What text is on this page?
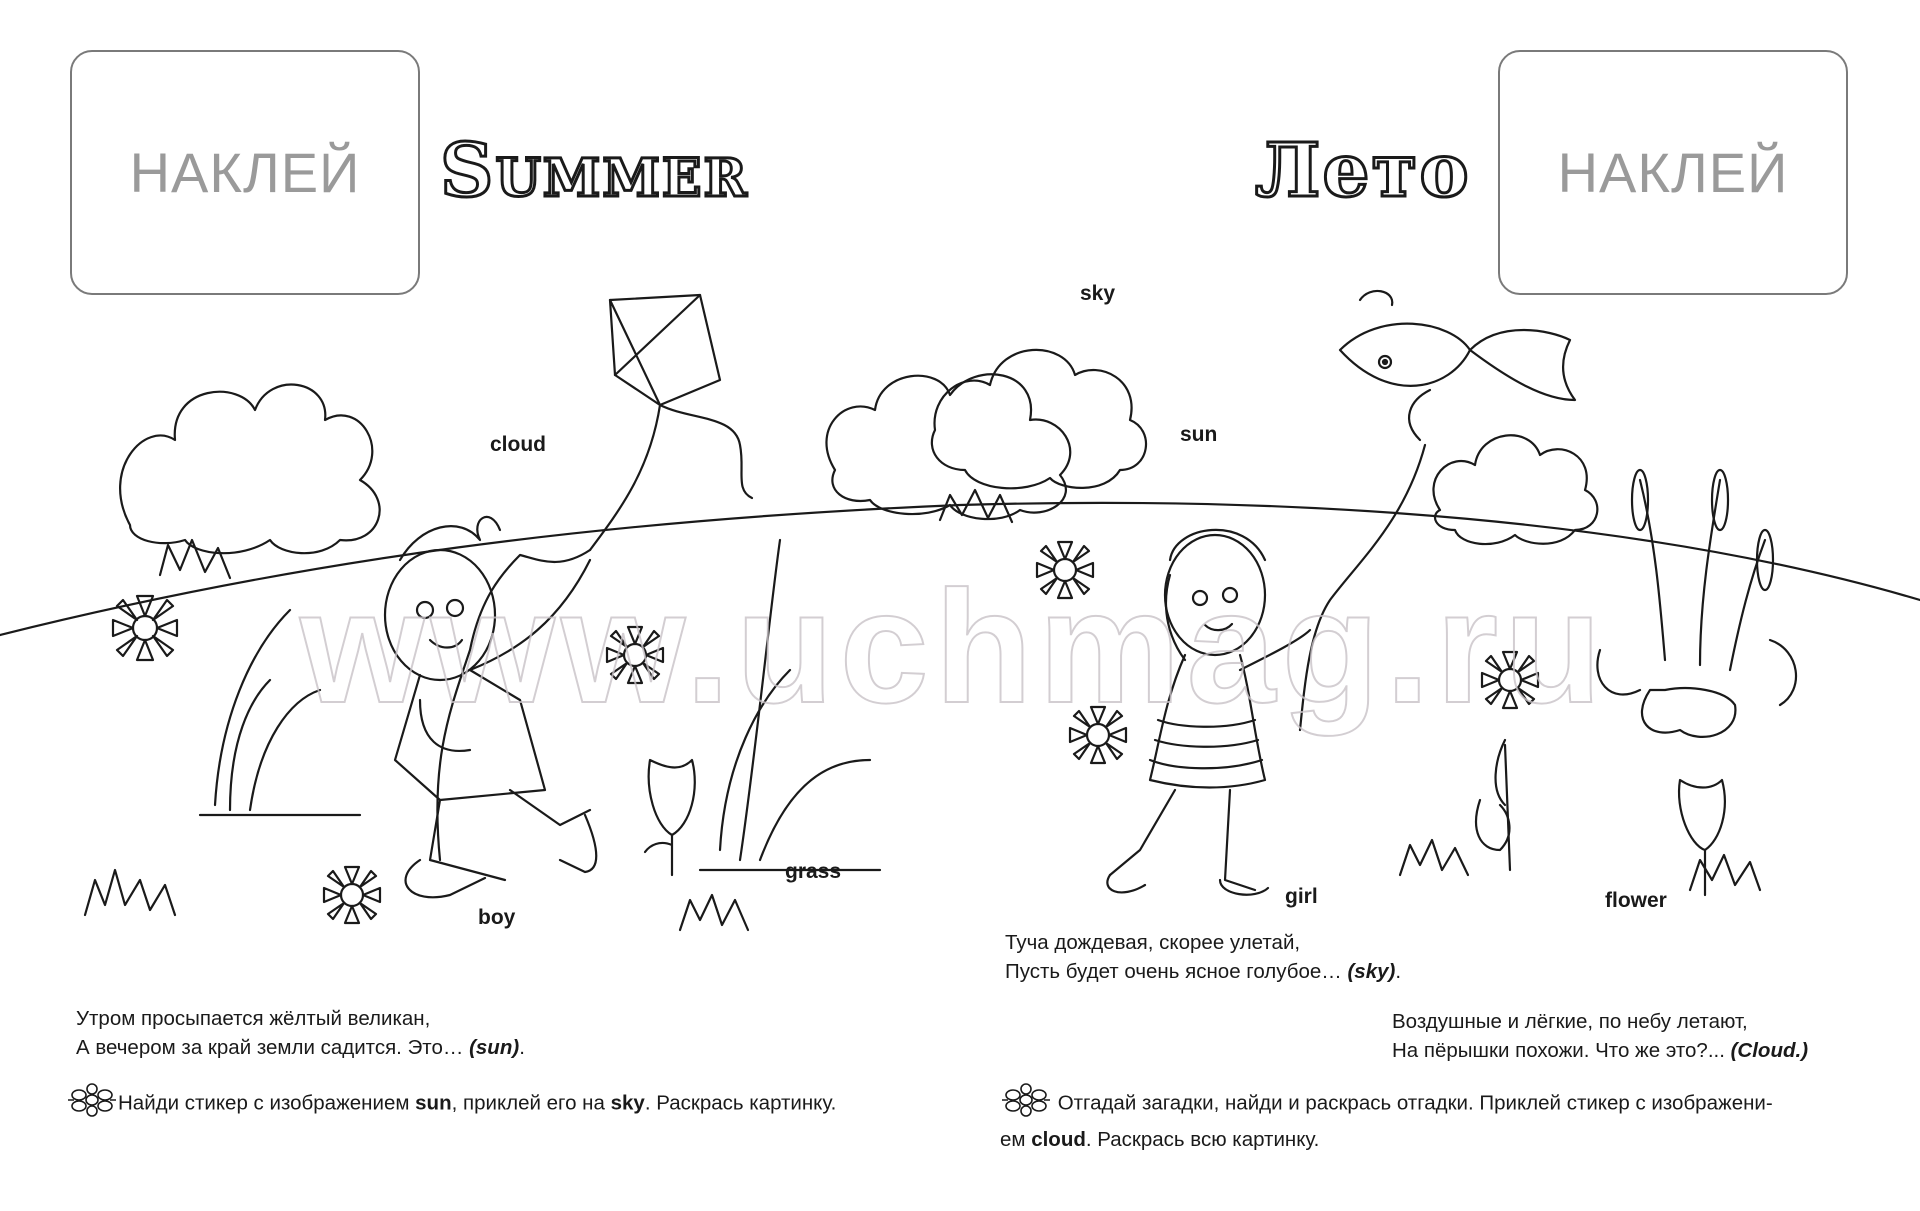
www.uchmag.ru
НАКЛЕЙ	НАКЛЕЙ
Summer	Лето
sky
cloud	sun
grass
boy
girl	flower
Утром просыпается жёлтый великан,
А вечером за край земли садится. Это… (sun).
Туча дождевая, скорее улетай,
Пусть будет очень ясное голубое… (sky).
Воздушные и лёгкие, по небу летают,
На пёрышки похожи. Что же это?... (Cloud.)
Найди стикер с изображением sun, приклей его на sky. Раскрась картинку.	Отгадай загадки, найди и раскрась отгадки. Приклей стикер с изображени-
ем cloud. Раскрась всю картинку.
